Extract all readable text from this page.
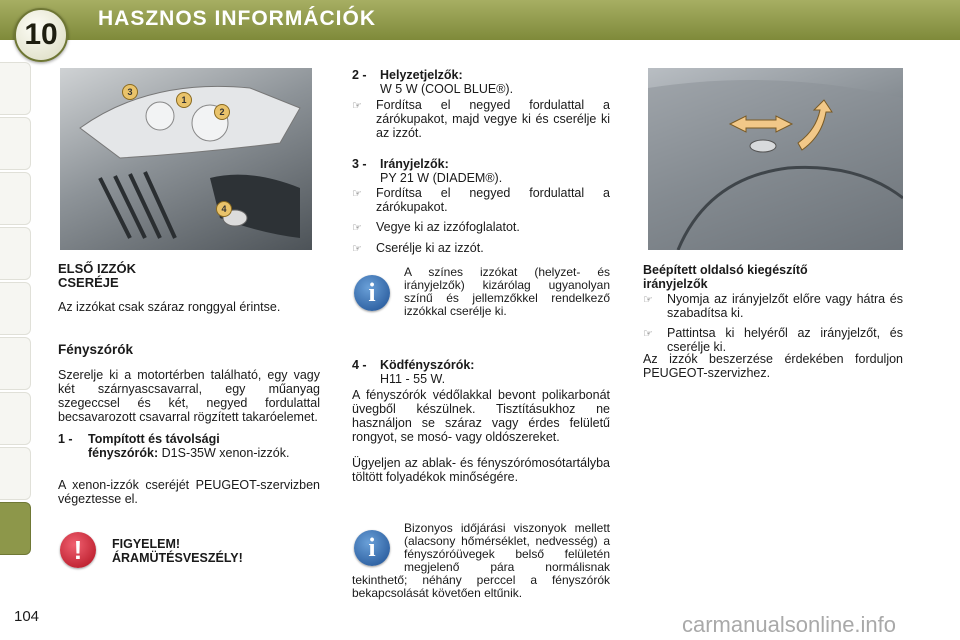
10	HASZNOS INFORMÁCIÓK
3
1
2
4
ELSŐ IZZÓK
CSERÉJE

Az izzókat csak száraz ronggyal érintse.

Fényszórók

Szerelje ki a motortérben található, egy vagy két szárnyascsavarral, egy műanyag szegeccsel és két, negyed fordulattal becsavarozott csavarral rögzített takaróelemet.

1 - Tompított és távolsági
fényszórók: D1S-35W xenon-izzók.

A xenon-izzók cseréjét PEUGEOT-szervizben végeztesse el.

!	FIGYELEM!
ÁRAMÜTÉSVESZÉLY!
2 - Helyzetjelzők:
W 5 W (COOL BLUE®).
☞	Fordítsa el negyed fordulattal a zárókupakot, majd vegye ki és cserélje ki az izzót.
3 - Irányjelzők:
PY 21 W (DIADEM®).
☞	Fordítsa el negyed fordulattal a zárókupakot.
☞	Vegye ki az izzófoglalatot.
☞	Cserélje ki az izzót.
i

A színes izzókat (helyzet- és irányjelzők) kizárólag ugyanolyan színű és jellemzőkkel rendelkező izzókkal cserélje ki.

4 - Ködfényszórók:
H11 - 55 W.

A fényszórók védőlakkal bevont polikarbonát üvegből készülnek. Tisztításukhoz ne használjon se száraz vagy érdes felületű rongyot, se mosó- vagy oldószereket.

Ügyeljen az ablak- és fényszórómosótartályba töltött folyadékok minőségére.

i

Bizonyos időjárási viszonyok mellett (alacsony hőmérséklet, nedvesség) a fényszóróüvegek belső felületén megjelenő pára normálisnak tekinthető; néhány perccel a fényszórók bekapcsolását követően eltűnik.

Beépített oldalsó kiegészítő
irányjelzők
☞	Nyomja az irányjelzőt előre vagy hátra és szabadítsa ki.
☞	Pattintsa ki helyéről az irányjelzőt, és cserélje ki.

Az izzók beszerzése érdekében forduljon PEUGEOT-szervizhez.

104	carmanualsonline.info
